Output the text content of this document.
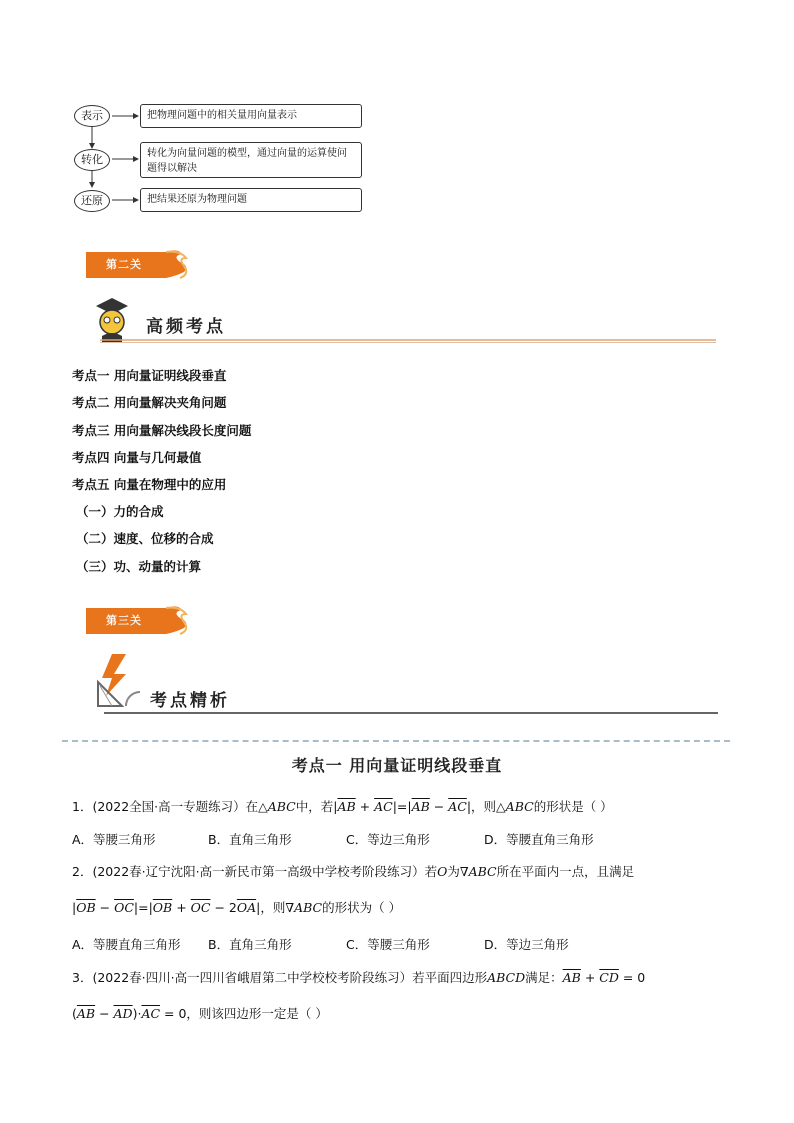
表示	把物理问题中的相关量用向量表示
转化	转化为向量问题的模型，通过向量的运算使问题得以解决
还原	把结果还原为物理问题
第二关
高频考点
考点一 用向量证明线段垂直
考点二 用向量解决夹角问题
考点三 用向量解决线段长度问题
考点四 向量与几何最值
考点五 向量在物理中的应用
（一）力的合成
（二）速度、位移的合成
（三）功、动量的计算
第三关
考点精析
考点一 用向量证明线段垂直
1．(2022全国·高一专题练习）在△ABC中，若$|\overline{AB} + \overline{AC}|=|\overline{AB} - \overline{AC}|$，则△ABC的形状是（ ）
A．等腰三角形	B．直角三角形	C．等边三角形	D．等腰直角三角形
2．(2022春·辽宁沈阳·高一新民市第一高级中学校考阶段练习）若O为∇ABC所在平面内一点，且满足
$|\overline{OB} - \overline{OC}|=|\overline{OB} + \overline{OC} - 2\overline{OA}|$，则∇ABC的形状为（ ）
A．等腰直角三角形 B．直角三角形	C．等腰三角形	D．等边三角形
3．(2022春·四川·高一四川省峨眉第二中学校校考阶段练习）若平面四边形ABCD满足：$\overline{AB} + \overline{CD} = 0$
$(\overline{AB} - \overline{AD})\cdot\overline{AC} = 0$，则该四边形一定是（ ）
